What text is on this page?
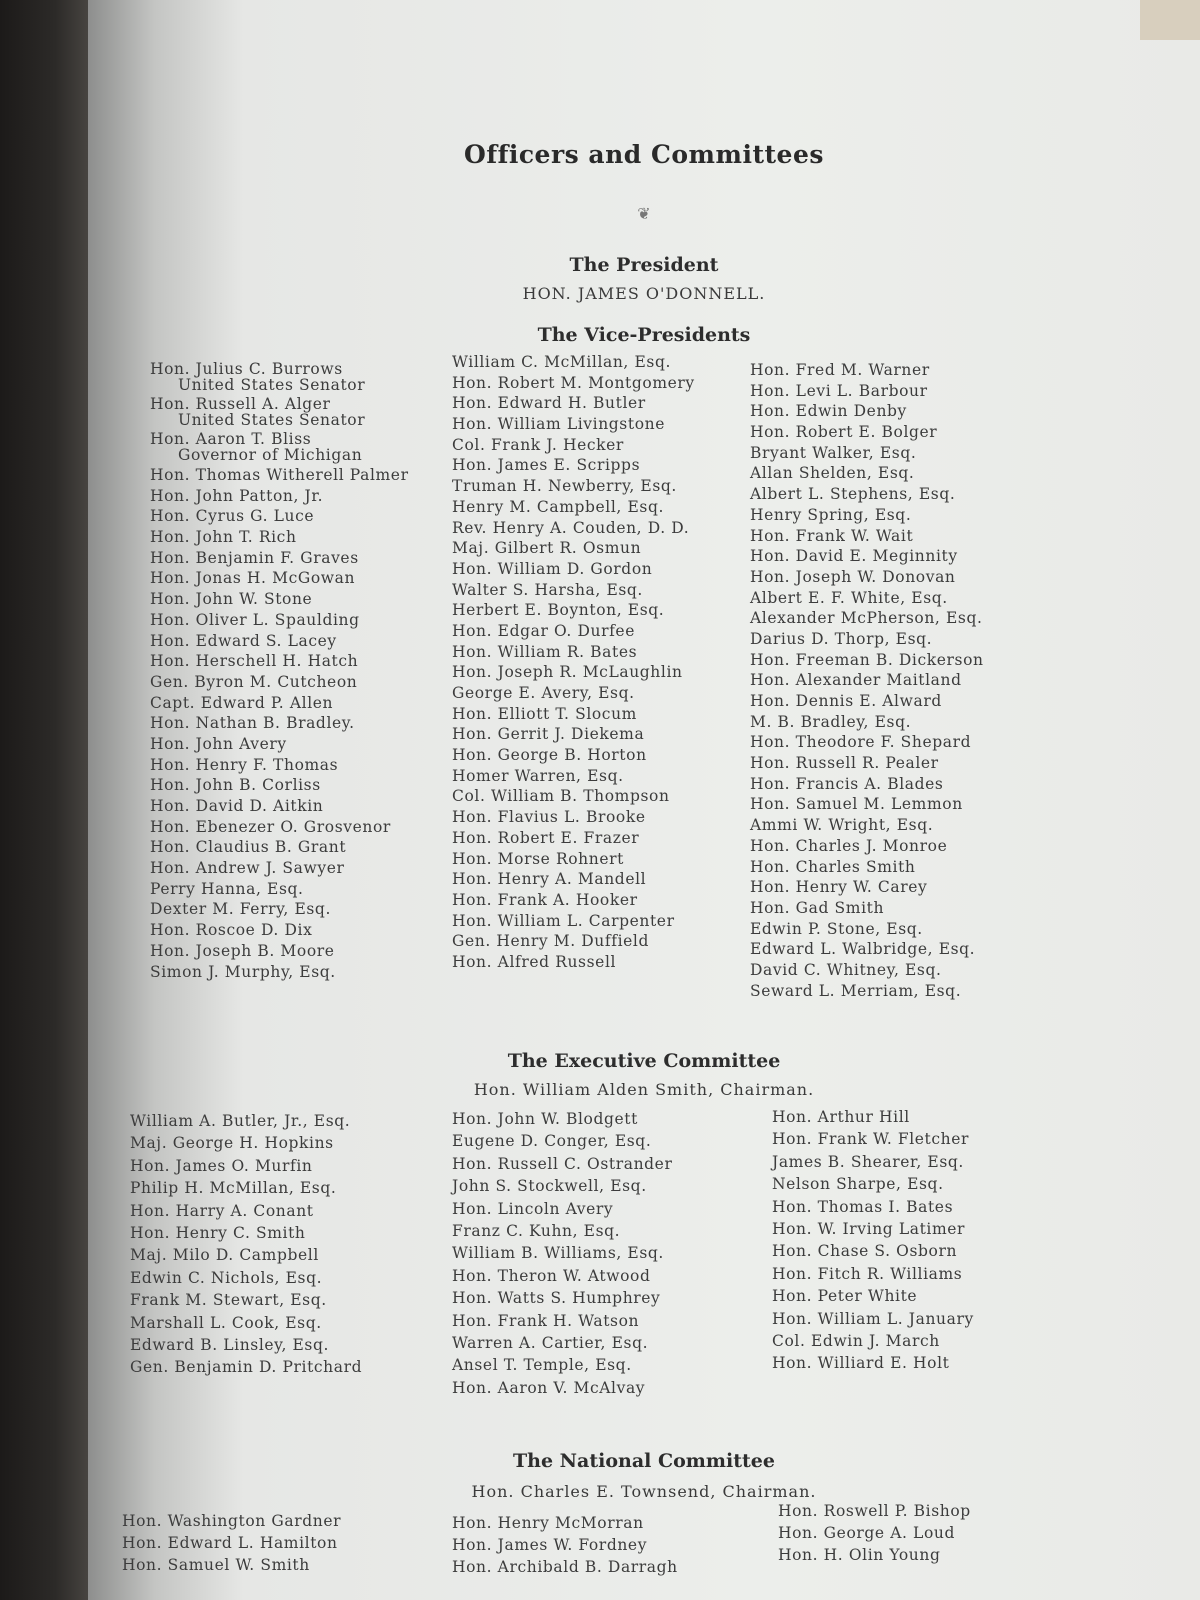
Officers and Committees
❦
The President
HON. JAMES O'DONNELL.
The Vice-Presidents
Hon. Julius C. Burrows
United States Senator
Hon. Russell A. Alger
United States Senator
Hon. Aaron T. Bliss
Governor of Michigan
Hon. Thomas Witherell Palmer
Hon. John Patton, Jr.
Hon. Cyrus G. Luce
Hon. John T. Rich
Hon. Benjamin F. Graves
Hon. Jonas H. McGowan
Hon. John W. Stone
Hon. Oliver L. Spaulding
Hon. Edward S. Lacey
Hon. Herschell H. Hatch
Gen. Byron M. Cutcheon
Capt. Edward P. Allen
Hon. Nathan B. Bradley.
Hon. John Avery
Hon. Henry F. Thomas
Hon. John B. Corliss
Hon. David D. Aitkin
Hon. Ebenezer O. Grosvenor
Hon. Claudius B. Grant
Hon. Andrew J. Sawyer
Perry Hanna, Esq.
Dexter M. Ferry, Esq.
Hon. Roscoe D. Dix
Hon. Joseph B. Moore
Simon J. Murphy, Esq.
William C. McMillan, Esq.
Hon. Robert M. Montgomery
Hon. Edward H. Butler
Hon. William Livingstone
Col. Frank J. Hecker
Hon. James E. Scripps
Truman H. Newberry, Esq.
Henry M. Campbell, Esq.
Rev. Henry A. Couden, D. D.
Maj. Gilbert R. Osmun
Hon. William D. Gordon
Walter S. Harsha, Esq.
Herbert E. Boynton, Esq.
Hon. Edgar O. Durfee
Hon. William R. Bates
Hon. Joseph R. McLaughlin
George E. Avery, Esq.
Hon. Elliott T. Slocum
Hon. Gerrit J. Diekema
Hon. George B. Horton
Homer Warren, Esq.
Col. William B. Thompson
Hon. Flavius L. Brooke
Hon. Robert E. Frazer
Hon. Morse Rohnert
Hon. Henry A. Mandell
Hon. Frank A. Hooker
Hon. William L. Carpenter
Gen. Henry M. Duffield
Hon. Alfred Russell
Hon. Fred M. Warner
Hon. Levi L. Barbour
Hon. Edwin Denby
Hon. Robert E. Bolger
Bryant Walker, Esq.
Allan Shelden, Esq.
Albert L. Stephens, Esq.
Henry Spring, Esq.
Hon. Frank W. Wait
Hon. David E. Meginnity
Hon. Joseph W. Donovan
Albert E. F. White, Esq.
Alexander McPherson, Esq.
Darius D. Thorp, Esq.
Hon. Freeman B. Dickerson
Hon. Alexander Maitland
Hon. Dennis E. Alward
M. B. Bradley, Esq.
Hon. Theodore F. Shepard
Hon. Russell R. Pealer
Hon. Francis A. Blades
Hon. Samuel M. Lemmon
Ammi W. Wright, Esq.
Hon. Charles J. Monroe
Hon. Charles Smith
Hon. Henry W. Carey
Hon. Gad Smith
Edwin P. Stone, Esq.
Edward L. Walbridge, Esq.
David C. Whitney, Esq.
Seward L. Merriam, Esq.
The Executive Committee
Hon. William Alden Smith, Chairman.
William A. Butler, Jr., Esq.
Maj. George H. Hopkins
Hon. James O. Murfin
Philip H. McMillan, Esq.
Hon. Harry A. Conant
Hon. Henry C. Smith
Maj. Milo D. Campbell
Edwin C. Nichols, Esq.
Frank M. Stewart, Esq.
Marshall L. Cook, Esq.
Edward B. Linsley, Esq.
Gen. Benjamin D. Pritchard
Hon. John W. Blodgett
Eugene D. Conger, Esq.
Hon. Russell C. Ostrander
John S. Stockwell, Esq.
Hon. Lincoln Avery
Franz C. Kuhn, Esq.
William B. Williams, Esq.
Hon. Theron W. Atwood
Hon. Watts S. Humphrey
Hon. Frank H. Watson
Warren A. Cartier, Esq.
Ansel T. Temple, Esq.
Hon. Aaron V. McAlvay
Hon. Arthur Hill
Hon. Frank W. Fletcher
James B. Shearer, Esq.
Nelson Sharpe, Esq.
Hon. Thomas I. Bates
Hon. W. Irving Latimer
Hon. Chase S. Osborn
Hon. Fitch R. Williams
Hon. Peter White
Hon. William L. January
Col. Edwin J. March
Hon. Williard E. Holt
The National Committee
Hon. Charles E. Townsend, Chairman.
Hon. Washington Gardner
Hon. Edward L. Hamilton
Hon. Samuel W. Smith
Hon. Henry McMorran
Hon. James W. Fordney
Hon. Archibald B. Darragh
Hon. Roswell P. Bishop
Hon. George A. Loud
Hon. H. Olin Young
